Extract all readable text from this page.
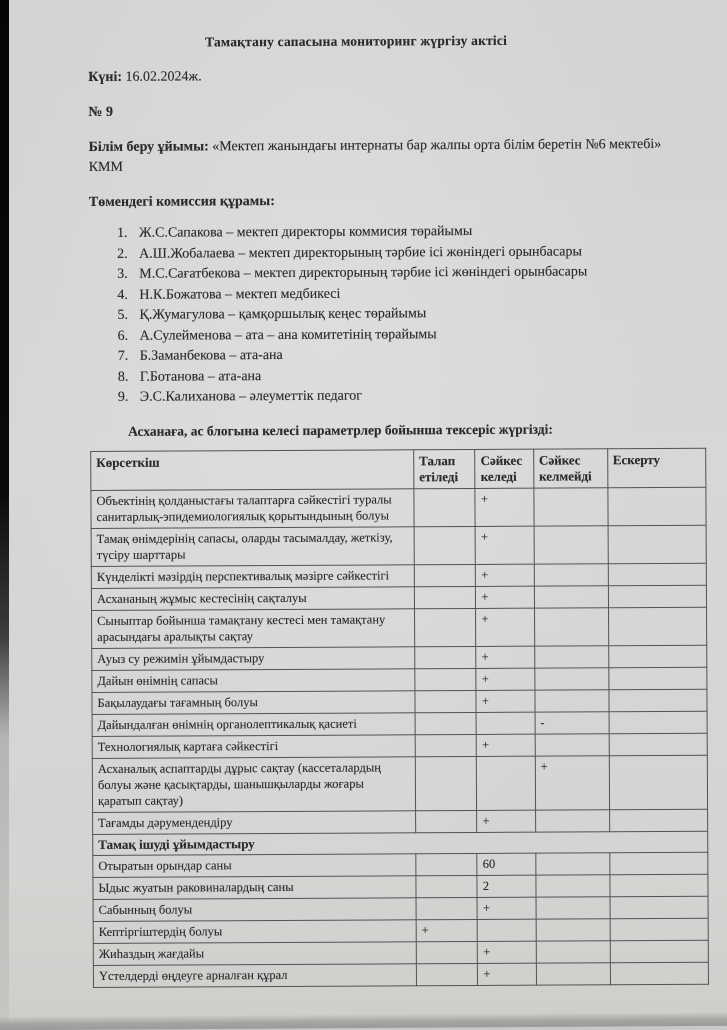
Тамақтану сапасына мониторинг жүргізу актісі

Күні: 16.02.2024ж.

№ 9

Білім беру ұйымы: «Мектеп жанындағы интернаты бар жалпы орта білім беретін №6 мектебі» КММ

Төмендегі комиссия құрамы:

1. Ж.С.Сапакова – мектеп директоры коммисия төрайымы
2. А.Ш.Жобалаева – мектеп директорының тәрбие ісі жөніндегі орынбасары
3. М.С.Сағатбекова – мектеп директорының тәрбие ісі жөніндегі орынбасары
4. Н.К.Божатова – мектеп медбикесі
5. Қ.Жумагулова – қамқоршылық кеңес төрайымы
6. А.Сулейменова – ата – ана комитетінің төрайымы
7. Б.Заманбекова – ата-ана
8. Г.Ботанова – ата-ана
9. Э.С.Калиханова – әлеуметтік педагог

Асханаға, ас блогына келесі параметрлер бойынша тексеріс жүргізді:

Көрсеткіш	Талап етіледі	Сәйкес келеді	Сәйкес келмейді	Ескерту
Объектінің қолданыстағы талаптарға сәйкестігі туралы санитарлық-эпидемиологиялық қорытындының болуы		+		
Тамақ өнімдерінің сапасы, оларды тасымалдау, жеткізу, түсіру шарттары		+		
Күнделікті мәзірдің перспективалық мәзірге сәйкестігі		+		
Асхананың жұмыс кестесінің сақталуы		+		
Сыныптар бойынша тамақтану кестесі мен тамақтану арасындағы аралықты сақтау		+		
Ауыз су режимін ұйымдастыру		+		
Дайын өнімнің сапасы		+		
Бақылаудағы тағамның болуы		+		
Дайындалған өнімнің органолептикалық қасиеті			-	
Технологиялық картаға сәйкестігі		+		
Асханалық аспаптарды дұрыс сақтау (кассеталардың болуы және қасықтарды, шанышқыларды жоғары қаратып сақтау)			+	
Тағамды дәрумендендіру		+		
Тамақ ішуді ұйымдастыру				
Отыратын орындар саны		60		
Ыдыс жуатын раковиналардың саны		2		
Сабынның болуы		+		
Кептіргіштердің болуы	+			
Жиһаздың жағдайы		+		
Үстелдерді өңдеуге арналған құрал		+		
